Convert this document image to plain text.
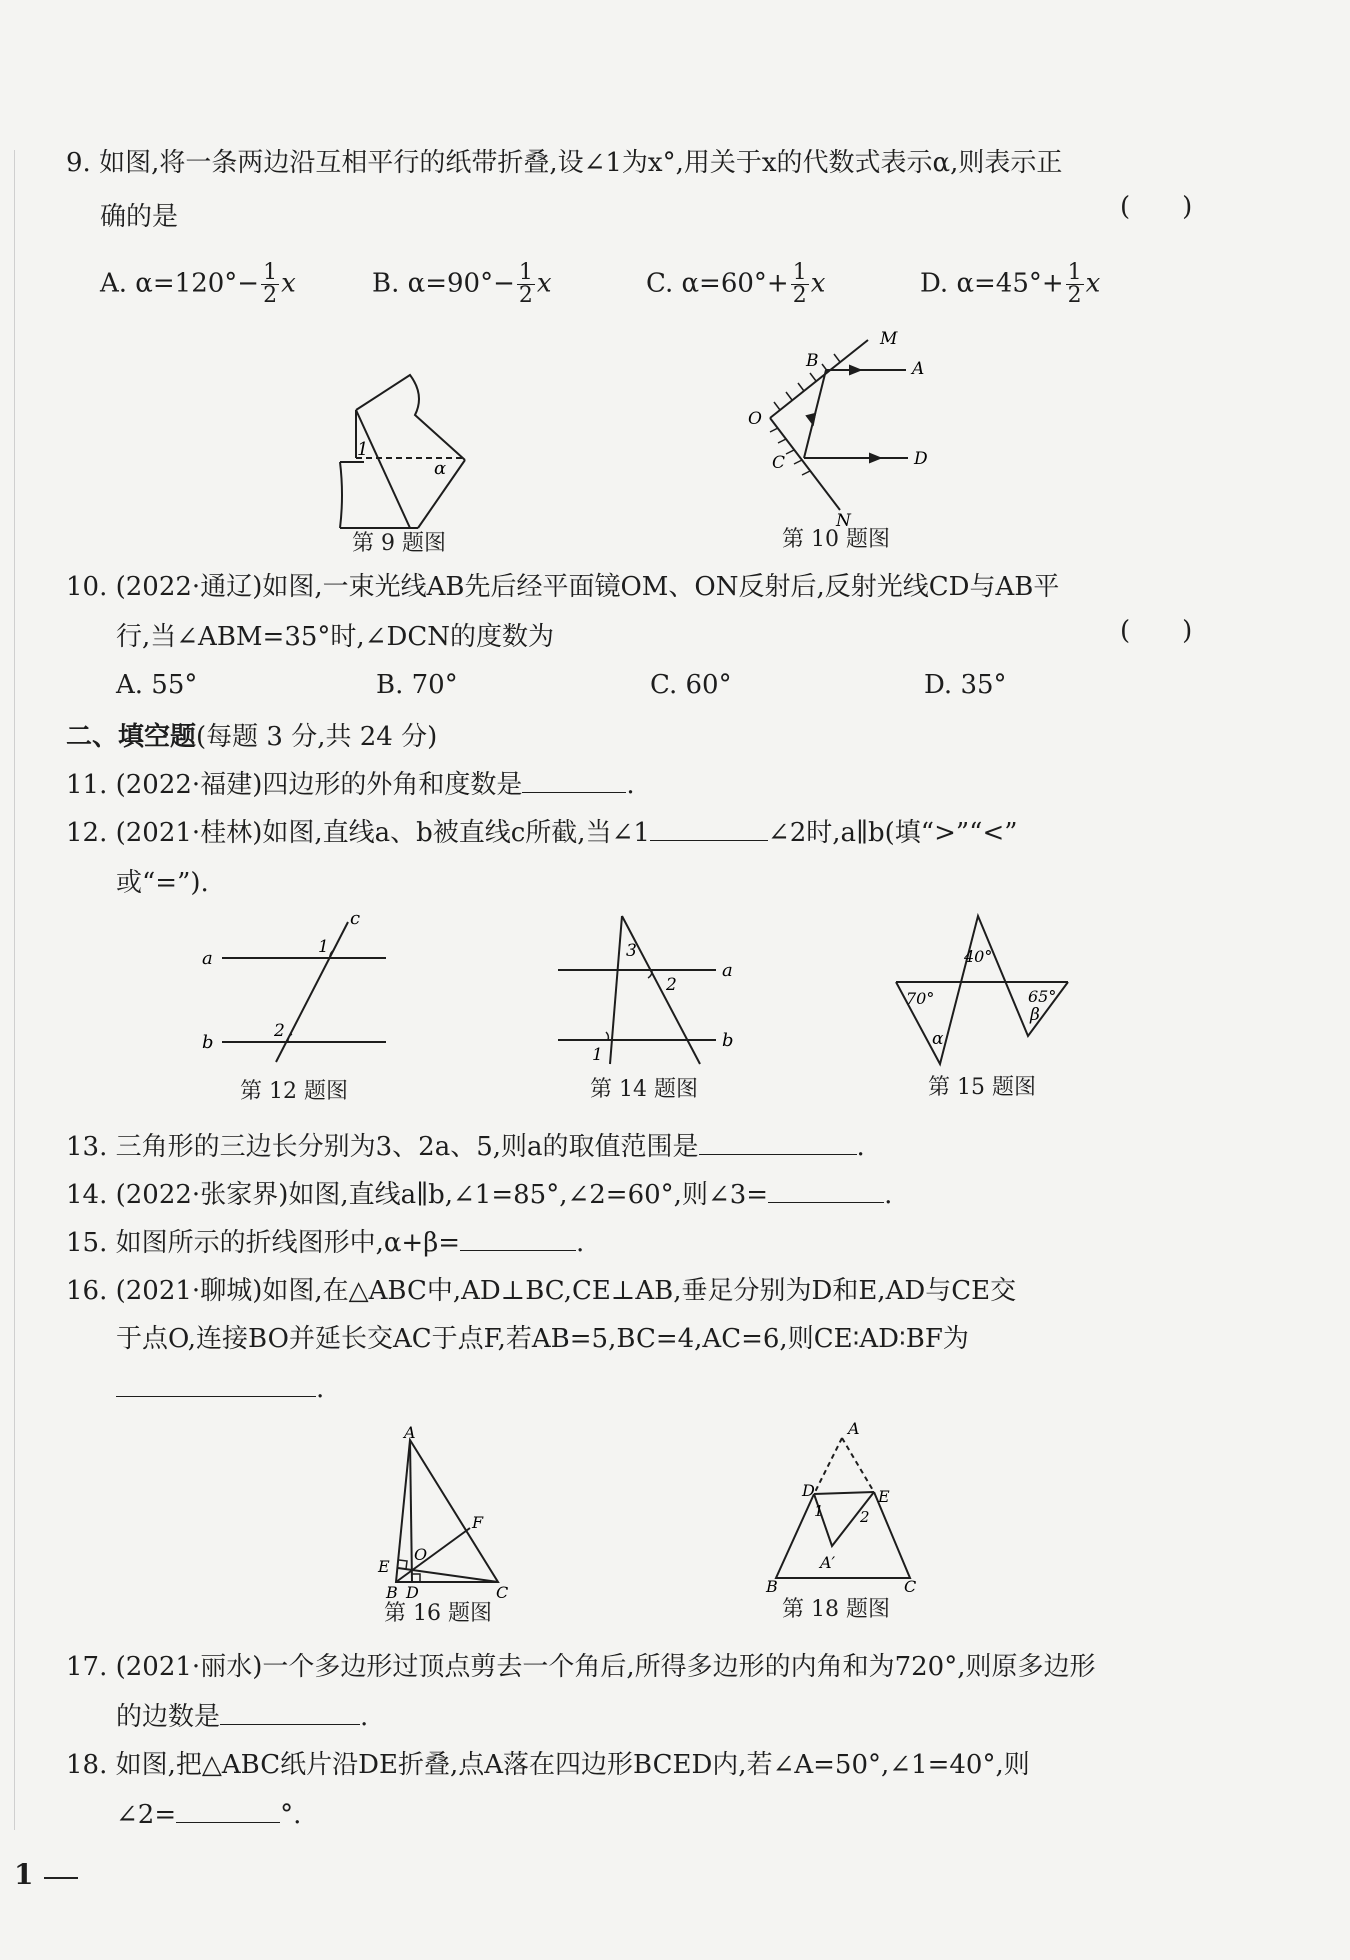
9. 如图,将一条两边沿互相平行的纸带折叠,设∠1为x°,用关于x的代数式表示α,则表示正
确的是	(　　)
A. $\alpha=120^\circ- \frac{1}{2}$ x	B. $\alpha=90^\circ- \frac{1}{2}$ x	C. $\alpha=60^\circ+ \frac{1}{2}$ x	D. $\alpha=45^\circ+ \frac{1}{2}$ x
1
α
第 9 题图
M
B	A
O
C	D
N
第 10 题图
10. (2022·通辽)如图,一束光线AB先后经平面镜OM、ON反射后,反射光线CD与AB平
行,当∠ABM=35°时,∠DCN的度数为	(　　)
A. 55°	B. 70°	C. 60°	D. 35°
二、填空题(每题 3 分,共 24 分)
11. (2022·福建)四边形的外角和度数是	.
12. (2021·桂林)如图,直线a、b被直线c所截,当∠1	∠2时,a∥b(填“>”“<”
或“=”).
a
b
c
1
2
第 12 题图
3
2
1
a
b
第 14 题图
70°
40°
65°
α
β
第 15 题图
13. 三角形的三边长分别为3、2a、5,则a的取值范围是	.
14. (2022·张家界)如图,直线a∥b,∠1=85°,∠2=60°,则∠3=	.
15. 如图所示的折线图形中,α+β=	.
16. (2021·聊城)如图,在△ABC中,AD⊥BC,CE⊥AB,垂足分别为D和E,AD与CE交
于点O,连接BO并延长交AC于点F,若AB=5,BC=4,AC=6,则CE∶AD∶BF为
.
A
F
O
E
B D	C
第 16 题图
A
D	E
1 2
A′
B	C
第 18 题图
17. (2021·丽水)一个多边形过顶点剪去一个角后,所得多边形的内角和为720°,则原多边形
的边数是	.
18. 如图,把△ABC纸片沿DE折叠,点A落在四边形BCED内,若∠A=50°,∠1=40°,则
∠2=	°.
1
